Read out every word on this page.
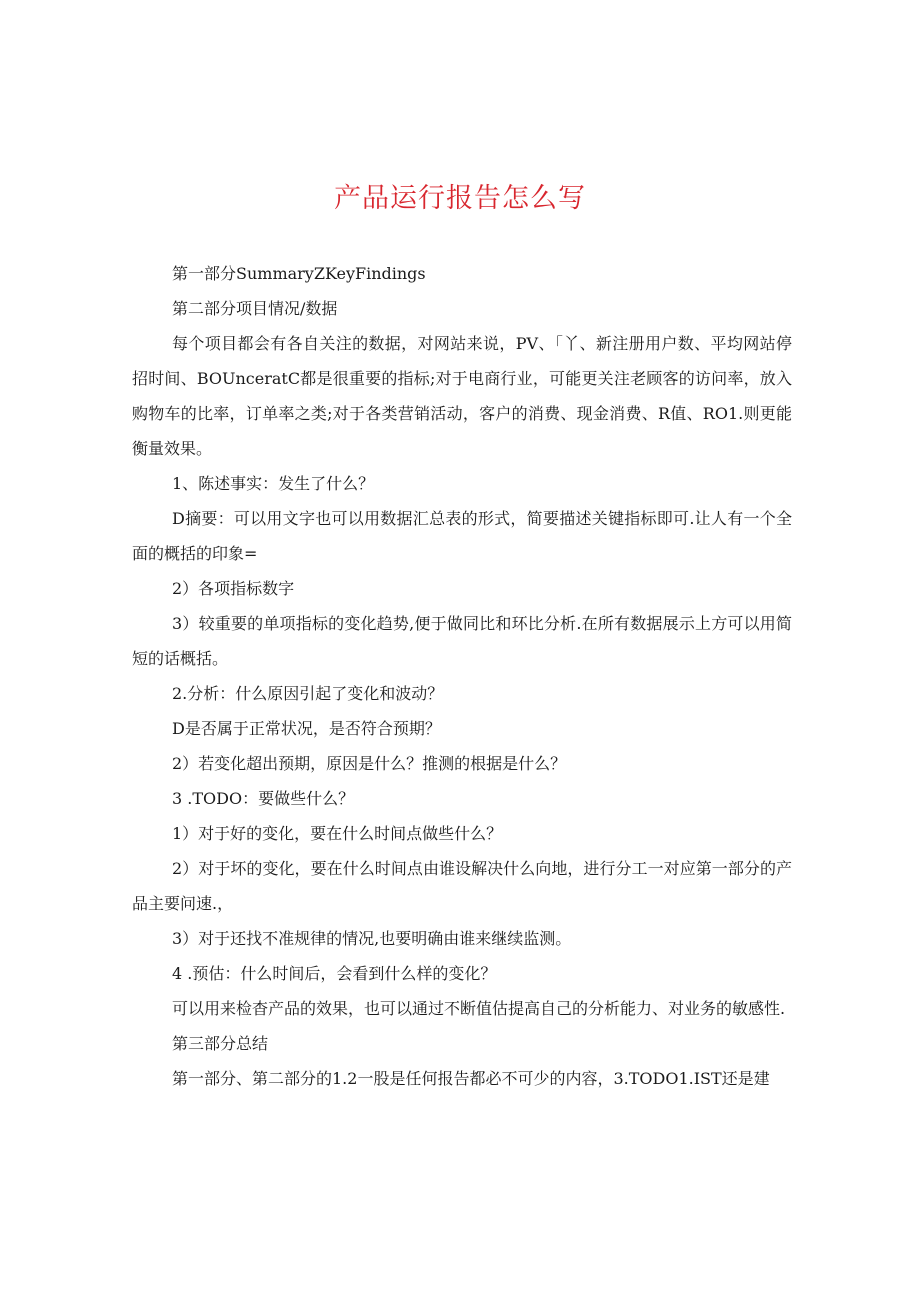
产品运行报告怎么写

第一部分SummaryZKeyFindings

第二部分项目情况/数据

每个项目都会有各自关注的数据，对网站来说，PV、「丫、新注册用户数、平均网站停招时间、BOUnceratC都是很重要的指标;对于电商行业，可能更关注老顾客的访问率，放入购物车的比率，订单率之类;对于各类营销活动，客户的消费、现金消费、R值、RO1.则更能衡量效果。

1、陈述事实：发生了什么？

D摘要：可以用文字也可以用数据汇总表的形式，简要描述关键指标即可.让人有一个全面的概括的印象=

2）各项指标数字

3）较重要的单项指标的变化趋势,便于做同比和环比分析.在所有数据展示上方可以用简短的话概括。

2.分析：什么原因引起了变化和波动？

D是否属于正常状况，是否符合预期？

2）若变化超出预期，原因是什么？推测的根据是什么？

3 .TODO：要做些什么？

1）对于好的变化，要在什么时间点做些什么？

2）对于坏的变化，要在什么时间点由谁设解决什么向地，进行分工一对应第一部分的产品主要问速.，

3）对于还找不准规律的情况,也要明确由谁来继续监测。

4 .预估：什么时间后，会看到什么样的变化？

可以用来检杳产品的效果，也可以通过不断值估提高自己的分析能力、对业务的敏感性.

第三部分总结

第一部分、第二部分的1.2一股是任何报告都必不可少的内容，3.TODO1.IST还是建
